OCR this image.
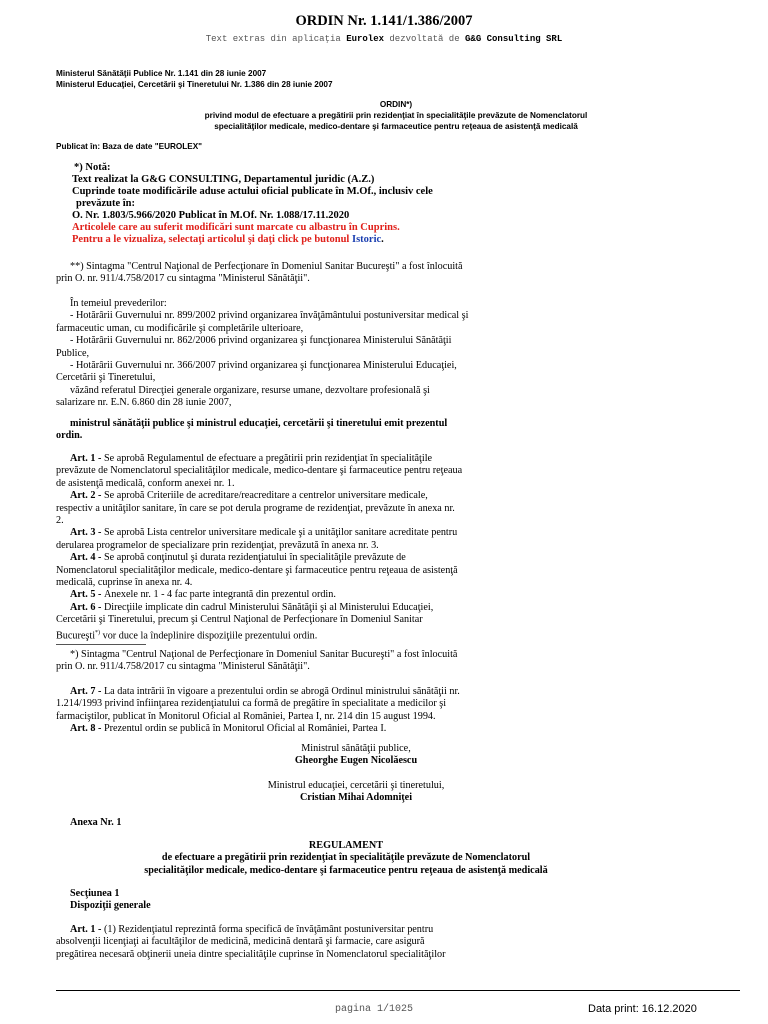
ORDIN Nr. 1.141/1.386/2007
Text extras din aplicaţia Eurolex dezvoltată de G&G Consulting SRL
Ministerul Sănătăţii Publice Nr. 1.141 din 28 iunie 2007
Ministerul Educaţiei, Cercetării şi Tineretului Nr. 1.386 din 28 iunie 2007
ORDIN*)
privind modul de efectuare a pregătirii prin rezidenţiat în specialităţile prevăzute de Nomenclatorul
specialităţilor medicale, medico-dentare şi farmaceutice pentru reţeaua de asistenţă medicală
Publicat în: Baza de date "EUROLEX"
*) Notă:
Text realizat la G&G CONSULTING, Departamentul juridic (A.Z.)
Cuprinde toate modificările aduse actului oficial publicate în M.Of., inclusiv cele
prevăzute în:
O. Nr. 1.803/5.966/2020 Publicat în M.Of. Nr. 1.088/17.11.2020
Articolele care au suferit modificări sunt marcate cu albastru în Cuprins.
Pentru a le vizualiza, selectaţi articolul şi daţi click pe butonul Istoric.
**) Sintagma "Centrul Naţional de Perfecţionare în Domeniul Sanitar Bucureşti" a fost înlocuită
prin O. nr. 911/4.758/2017 cu sintagma "Ministerul Sănătăţii".
În temeiul prevederilor:
- Hotărârii Guvernului nr. 899/2002 privind organizarea învăţământului postuniversitar medical şi
farmaceutic uman, cu modificările şi completările ulterioare,
- Hotărârii Guvernului nr. 862/2006 privind organizarea şi funcţionarea Ministerului Sănătăţii
Publice,
- Hotărârii Guvernului nr. 366/2007 privind organizarea şi funcţionarea Ministerului Educaţiei,
Cercetării şi Tineretului,
văzând referatul Direcţiei generale organizare, resurse umane, dezvoltare profesională şi
salarizare nr. E.N. 6.860 din 28 iunie 2007,
ministrul sănătăţii publice şi ministrul educaţiei, cercetării şi tineretului emit prezentul
ordin.
Art. 1 - Se aprobă Regulamentul de efectuare a pregătirii prin rezidenţiat în specialităţile
prevăzute de Nomenclatorul specialităţilor medicale, medico-dentare şi farmaceutice pentru reţeaua
de asistenţă medicală, conform anexei nr. 1.
Art. 2 - Se aprobă Criteriile de acreditare/reacreditare a centrelor universitare medicale,
respectiv a unităţilor sanitare, în care se pot derula programe de rezidenţiat, prevăzute în anexa nr.
2.
Art. 3 - Se aprobă Lista centrelor universitare medicale şi a unităţilor sanitare acreditate pentru
derularea programelor de specializare prin rezidenţiat, prevăzută în anexa nr. 3.
Art. 4 - Se aprobă conţinutul şi durata rezidenţiatului în specialităţile prevăzute de
Nomenclatorul specialităţilor medicale, medico-dentare şi farmaceutice pentru reţeaua de asistenţă
medicală, cuprinse în anexa nr. 4.
Art. 5 - Anexele nr. 1 - 4 fac parte integrantă din prezentul ordin.
Art. 6 - Direcţiile implicate din cadrul Ministerului Sănătăţii şi al Ministerului Educaţiei,
Cercetării şi Tineretului, precum şi Centrul Naţional de Perfecţionare în Domeniul Sanitar
Bucureşti*) vor duce la îndeplinire dispoziţiile prezentului ordin.
*) Sintagma "Centrul Naţional de Perfecţionare în Domeniul Sanitar Bucureşti" a fost înlocuită
prin O. nr. 911/4.758/2017 cu sintagma "Ministerul Sănătăţii".
Art. 7 - La data intrării în vigoare a prezentului ordin se abrogă Ordinul ministrului sănătăţii nr.
1.214/1993 privind înfiinţarea rezidenţiatului ca formă de pregătire în specialitate a medicilor şi
farmaciştilor, publicat în Monitorul Oficial al României, Partea I, nr. 214 din 15 august 1994.
Art. 8 - Prezentul ordin se publică în Monitorul Oficial al României, Partea I.
Ministrul sănătăţii publice,
Gheorghe Eugen Nicolăescu
Ministrul educaţiei, cercetării şi tineretului,
Cristian Mihai Adomniţei
Anexa Nr. 1
REGULAMENT
de efectuare a pregătirii prin rezidenţiat în specialităţile prevăzute de Nomenclatorul
specialităţilor medicale, medico-dentare şi farmaceutice pentru reţeaua de asistenţă medicală
Secţiunea 1
Dispoziţii generale
Art. 1 - (1) Rezidenţiatul reprezintă forma specifică de învăţământ postuniversitar pentru
absolvenţii licenţiaţi ai facultăţilor de medicină, medicină dentară şi farmacie, care asigură
pregătirea necesară obţinerii uneia dintre specialităţile cuprinse în Nomenclatorul specialităţilor
pagina 1/1025	Data print: 16.12.2020
